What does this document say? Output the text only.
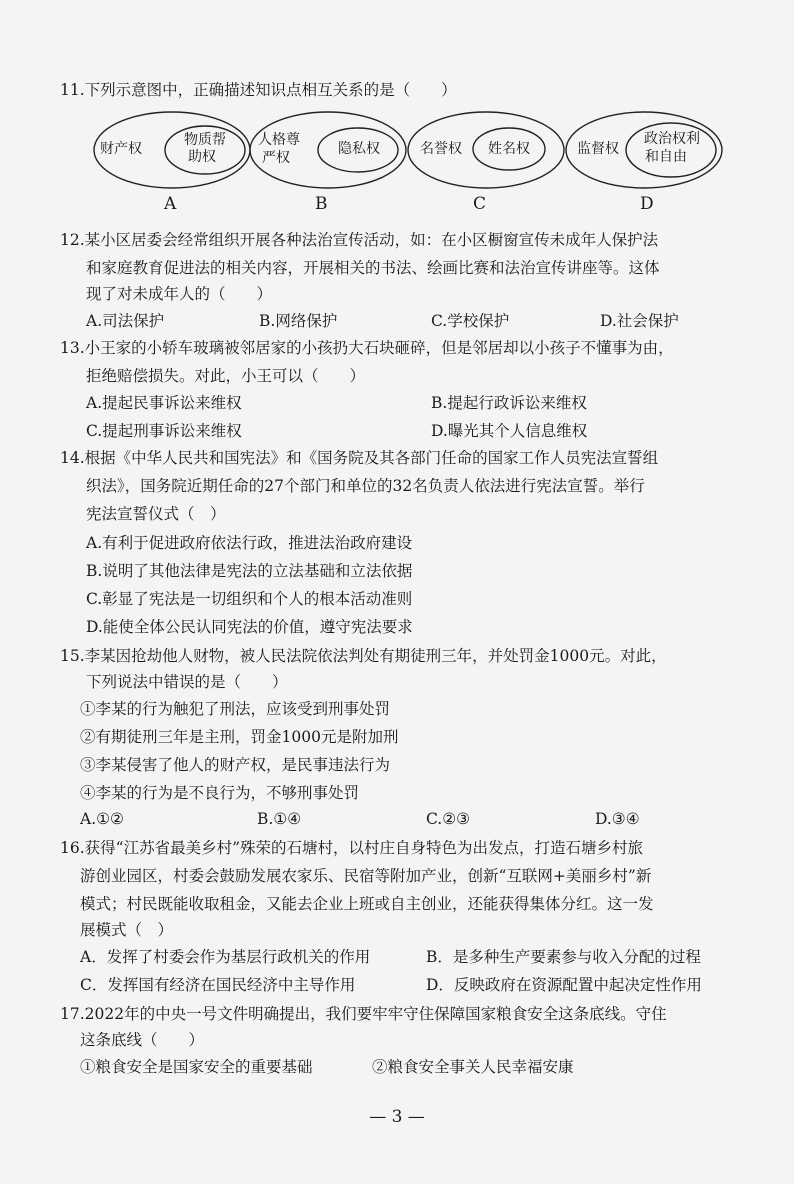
11.下列示意图中，正确描述知识点相互关系的是（　　）
财产权
物质帮
助权
A
人格尊
严权
隐私权
B
名誉权	姓名权
C
监督权
政治权利
和自由
D
12.某小区居委会经常组织开展各种法治宣传活动，如：在小区橱窗宣传未成年人保护法
和家庭教育促进法的相关内容，开展相关的书法、绘画比赛和法治宣传讲座等。这体
现了对未成年人的（　　）
A.司法保护	B.网络保护	C.学校保护	D.社会保护
13.小王家的小轿车玻璃被邻居家的小孩扔大石块砸碎，但是邻居却以小孩子不懂事为由，
拒绝赔偿损失。对此，小王可以（　　）
A.提起民事诉讼来维权	B.提起行政诉讼来维权
C.提起刑事诉讼来维权	D.曝光其个人信息维权
14.根据《中华人民共和国宪法》和《国务院及其各部门任命的国家工作人员宪法宣誓组
织法》，国务院近期任命的27个部门和单位的32名负责人依法进行宪法宣誓。举行
宪法宣誓仪式（　）
A.有利于促进政府依法行政，推进法治政府建设
B.说明了其他法律是宪法的立法基础和立法依据
C.彰显了宪法是一切组织和个人的根本活动准则
D.能使全体公民认同宪法的价值，遵守宪法要求
15.李某因抢劫他人财物，被人民法院依法判处有期徒刑三年，并处罚金1000元。对此，
下列说法中错误的是（　　）
①李某的行为触犯了刑法，应该受到刑事处罚
②有期徒刑三年是主刑，罚金1000元是附加刑
③李某侵害了他人的财产权，是民事违法行为
④李某的行为是不良行为，不够刑事处罚
A.①②	B.①④	C.②③	D.③④
16.获得“江苏省最美乡村”殊荣的石塘村，以村庄自身特色为出发点，打造石塘乡村旅
游创业园区，村委会鼓励发展农家乐、民宿等附加产业，创新“互联网+美丽乡村”新
模式；村民既能收取租金，又能去企业上班或自主创业，还能获得集体分红。这一发
展模式（　）
A．发挥了村委会作为基层行政机关的作用	B．是多种生产要素参与收入分配的过程
C．发挥国有经济在国民经济中主导作用	D．反映政府在资源配置中起决定性作用
17.2022年的中央一号文件明确提出，我们要牢牢守住保障国家粮食安全这条底线。守住
这条底线（　　）
①粮食安全是国家安全的重要基础	②粮食安全事关人民幸福安康
— 3 —
